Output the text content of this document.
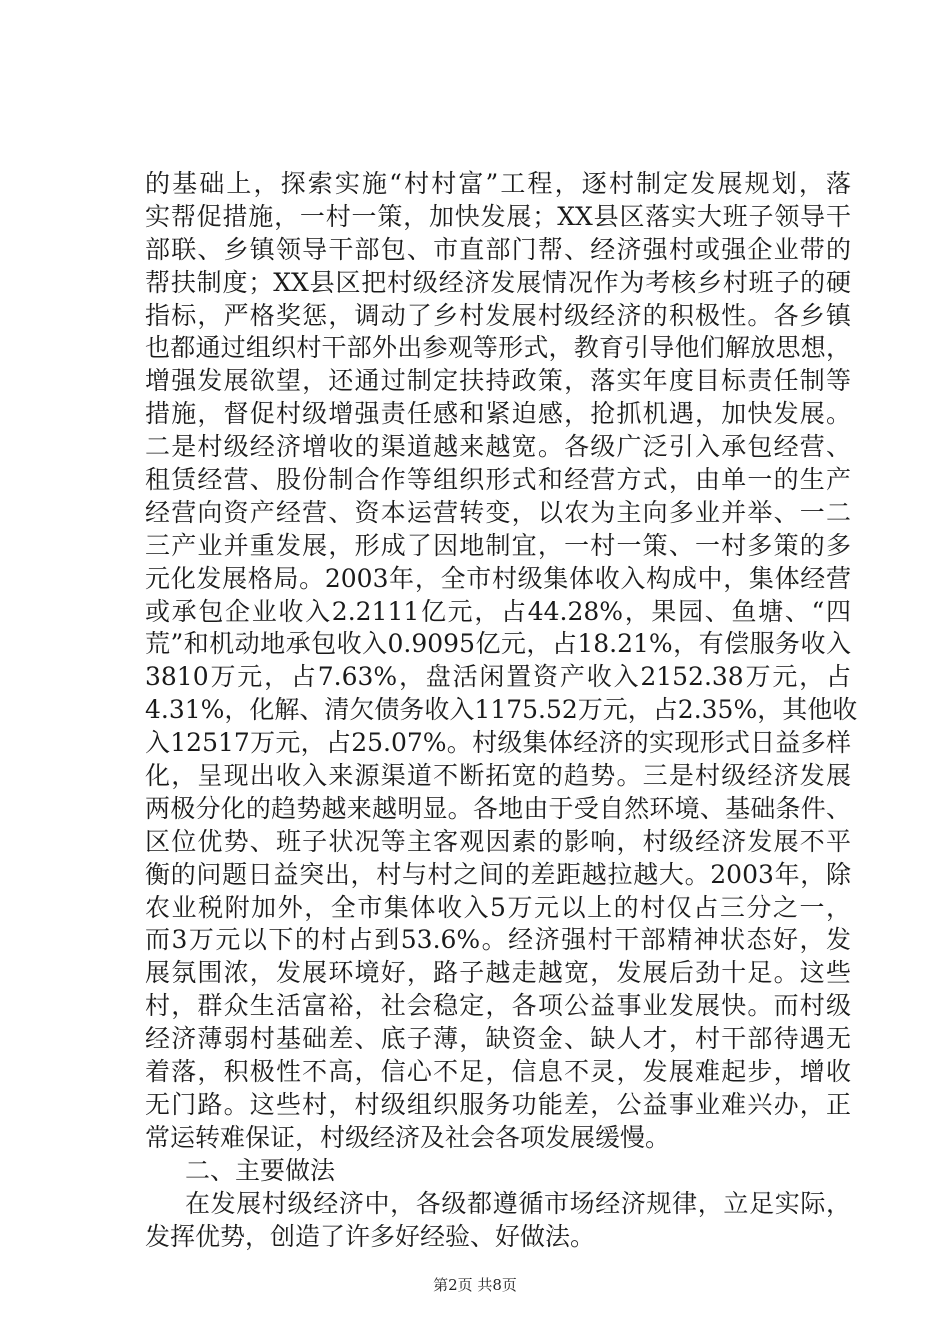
的基础上，探索实施“村村富”工程，逐村制定发展规划，落
实帮促措施，一村一策，加快发展；XX县区落实大班子领导干
部联、乡镇领导干部包、市直部门帮、经济强村或强企业带的
帮扶制度；XX县区把村级经济发展情况作为考核乡村班子的硬
指标，严格奖惩，调动了乡村发展村级经济的积极性。各乡镇
也都通过组织村干部外出参观等形式，教育引导他们解放思想，
增强发展欲望，还通过制定扶持政策，落实年度目标责任制等
措施，督促村级增强责任感和紧迫感，抢抓机遇，加快发展。
二是村级经济增收的渠道越来越宽。各级广泛引入承包经营、
租赁经营、股份制合作等组织形式和经营方式，由单一的生产
经营向资产经营、资本运营转变，以农为主向多业并举、一二
三产业并重发展，形成了因地制宜，一村一策、一村多策的多
元化发展格局。2003年，全市村级集体收入构成中，集体经营
或承包企业收入2.2111亿元，占44.28%，果园、鱼塘、“四
荒”和机动地承包收入0.9095亿元，占18.21%，有偿服务收入
3810万元，占7.63%，盘活闲置资产收入2152.38万元，占
4.31%，化解、清欠债务收入1175.52万元，占2.35%，其他收
入12517万元，占25.07%。村级集体经济的实现形式日益多样
化，呈现出收入来源渠道不断拓宽的趋势。三是村级经济发展
两极分化的趋势越来越明显。各地由于受自然环境、基础条件、
区位优势、班子状况等主客观因素的影响，村级经济发展不平
衡的问题日益突出，村与村之间的差距越拉越大。2003年，除
农业税附加外，全市集体收入5万元以上的村仅占三分之一，
而3万元以下的村占到53.6%。经济强村干部精神状态好，发
展氛围浓，发展环境好，路子越走越宽，发展后劲十足。这些
村，群众生活富裕，社会稳定，各项公益事业发展快。而村级
经济薄弱村基础差、底子薄，缺资金、缺人才，村干部待遇无
着落，积极性不高，信心不足，信息不灵，发展难起步，增收
无门路。这些村，村级组织服务功能差，公益事业难兴办，正
常运转难保证，村级经济及社会各项发展缓慢。
二、主要做法
在发展村级经济中，各级都遵循市场经济规律，立足实际，
发挥优势，创造了许多好经验、好做法。
第2页 共8页
